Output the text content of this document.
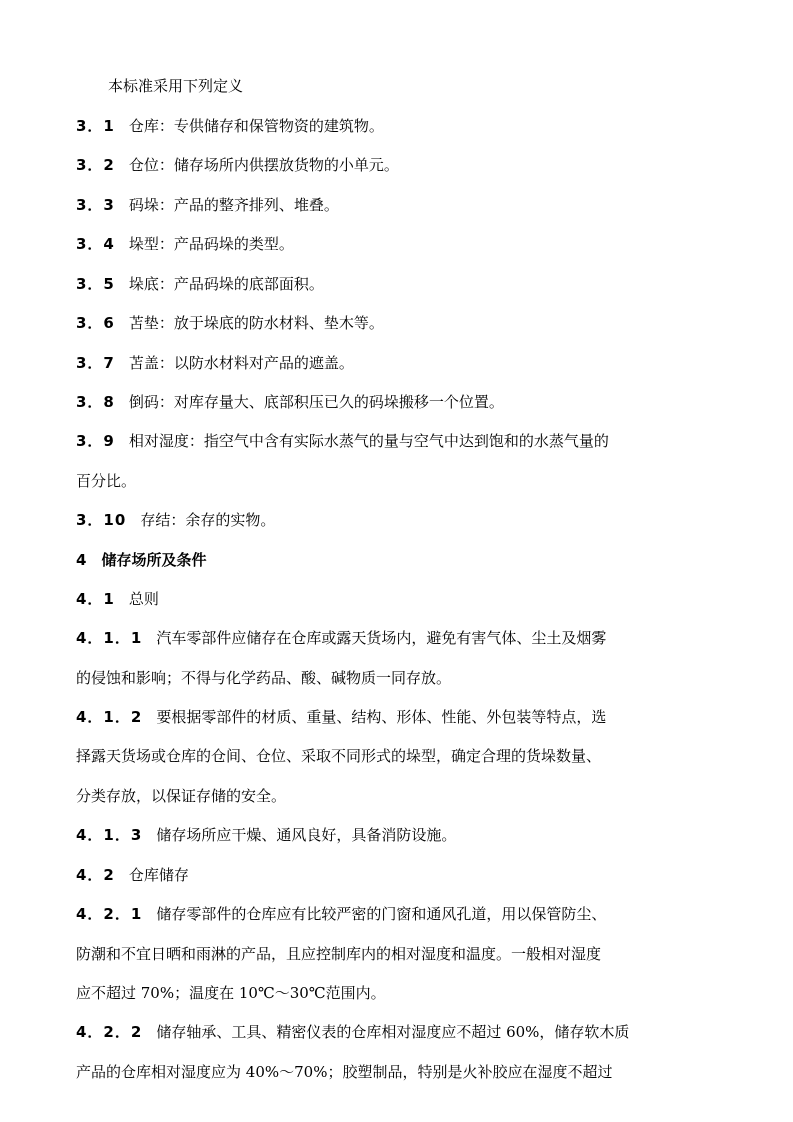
本标准采用下列定义
3．1 仓库：专供储存和保管物资的建筑物。
3．2 仓位：储存场所内供摆放货物的小单元。
3．3 码垛：产品的整齐排列、堆叠。
3．4 垛型：产品码垛的类型。
3．5 垛底：产品码垛的底部面积。
3．6 苫垫：放于垛底的防水材料、垫木等。
3．7 苫盖：以防水材料对产品的遮盖。
3．8 倒码：对库存量大、底部积压已久的码垛搬移一个位置。
3．9 相对湿度：指空气中含有实际水蒸气的量与空气中达到饱和的水蒸气量的
百分比。
3．10 存结：余存的实物。
4 储存场所及条件
4．1 总则
4．1．1 汽车零部件应储存在仓库或露天货场内，避免有害气体、尘土及烟雾
的侵蚀和影响；不得与化学药品、酸、碱物质一同存放。
4．1．2 要根据零部件的材质、重量、结构、形体、性能、外包装等特点，选
择露天货场或仓库的仓间、仓位、采取不同形式的垛型，确定合理的货垛数量、
分类存放，以保证存储的安全。
4．1．3 储存场所应干燥、通风良好，具备消防设施。
4．2 仓库储存
4．2．1 储存零部件的仓库应有比较严密的门窗和通风孔道，用以保管防尘、
防潮和不宜日晒和雨淋的产品，且应控制库内的相对湿度和温度。一般相对湿度
应不超过 70%；温度在 10℃～30℃范围内。
4．2．2 储存轴承、工具、精密仪表的仓库相对湿度应不超过 60%，储存软木质
产品的仓库相对湿度应为 40%～70%；胶塑制品，特别是火补胶应在湿度不超过
